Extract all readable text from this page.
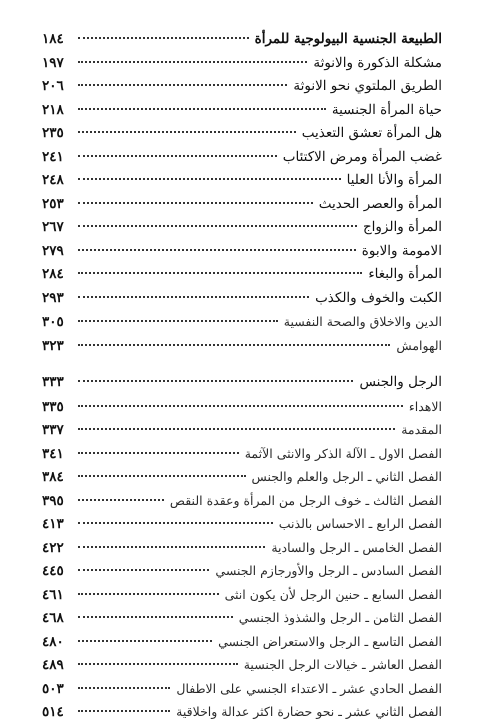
الطبيعة الجنسية البيولوجية للمرأة
١٨٤
مشكلة الذكورة والانوثة
١٩٧
الطريق الملتوي نحو الانوثة
٢٠٦
حياة المرأة الجنسية
٢١٨
هل المرأة تعشق التعذيب
٢٣٥
غضب المرأة ومرض الاكتئاب
٢٤١
المرأة والأنا العليا
٢٤٨
المرأة والعصر الحديث
٢٥٣
المرأة والزواج
٢٦٧
الامومة والابوة
٢٧٩
المرأة والبغاء
٢٨٤
الكبت والخوف والكذب
٢٩٣
الدين والاخلاق والصحة النفسية
٣٠٥
الهوامش
٣٢٣
الرجل والجنس
٣٣٣
الاهداء
٣٣٥
المقدمة
٣٣٧
الفصل الاول ـ الآلة الذكر والانثى الآثمة
٣٤١
الفصل الثاني ـ الرجل والعلم والجنس
٣٨٤
الفصل الثالث ـ خوف الرجل من المرأة وعقدة النقص
٣٩٥
الفصل الرابع ـ الاحساس بالذنب
٤١٣
الفصل الخامس ـ الرجل والسادية
٤٢٢
الفصل السادس ـ الرجل والأورجازم الجنسي
٤٤٥
الفصل السابع ـ حنين الرجل لأن يكون انثى
٤٦١
الفصل الثامن ـ الرجل والشذوذ الجنسي
٤٦٨
الفصل التاسع ـ الرجل والاستعراض الجنسي
٤٨٠
الفصل العاشر ـ خيالات الرجل الجنسية
٤٨٩
الفصل الحادي عشر ـ الاعتداء الجنسي على الاطفال
٥٠٣
الفصل الثاني عشر ـ نحو حضارة اكثر عدالة واخلاقية
٥١٤
